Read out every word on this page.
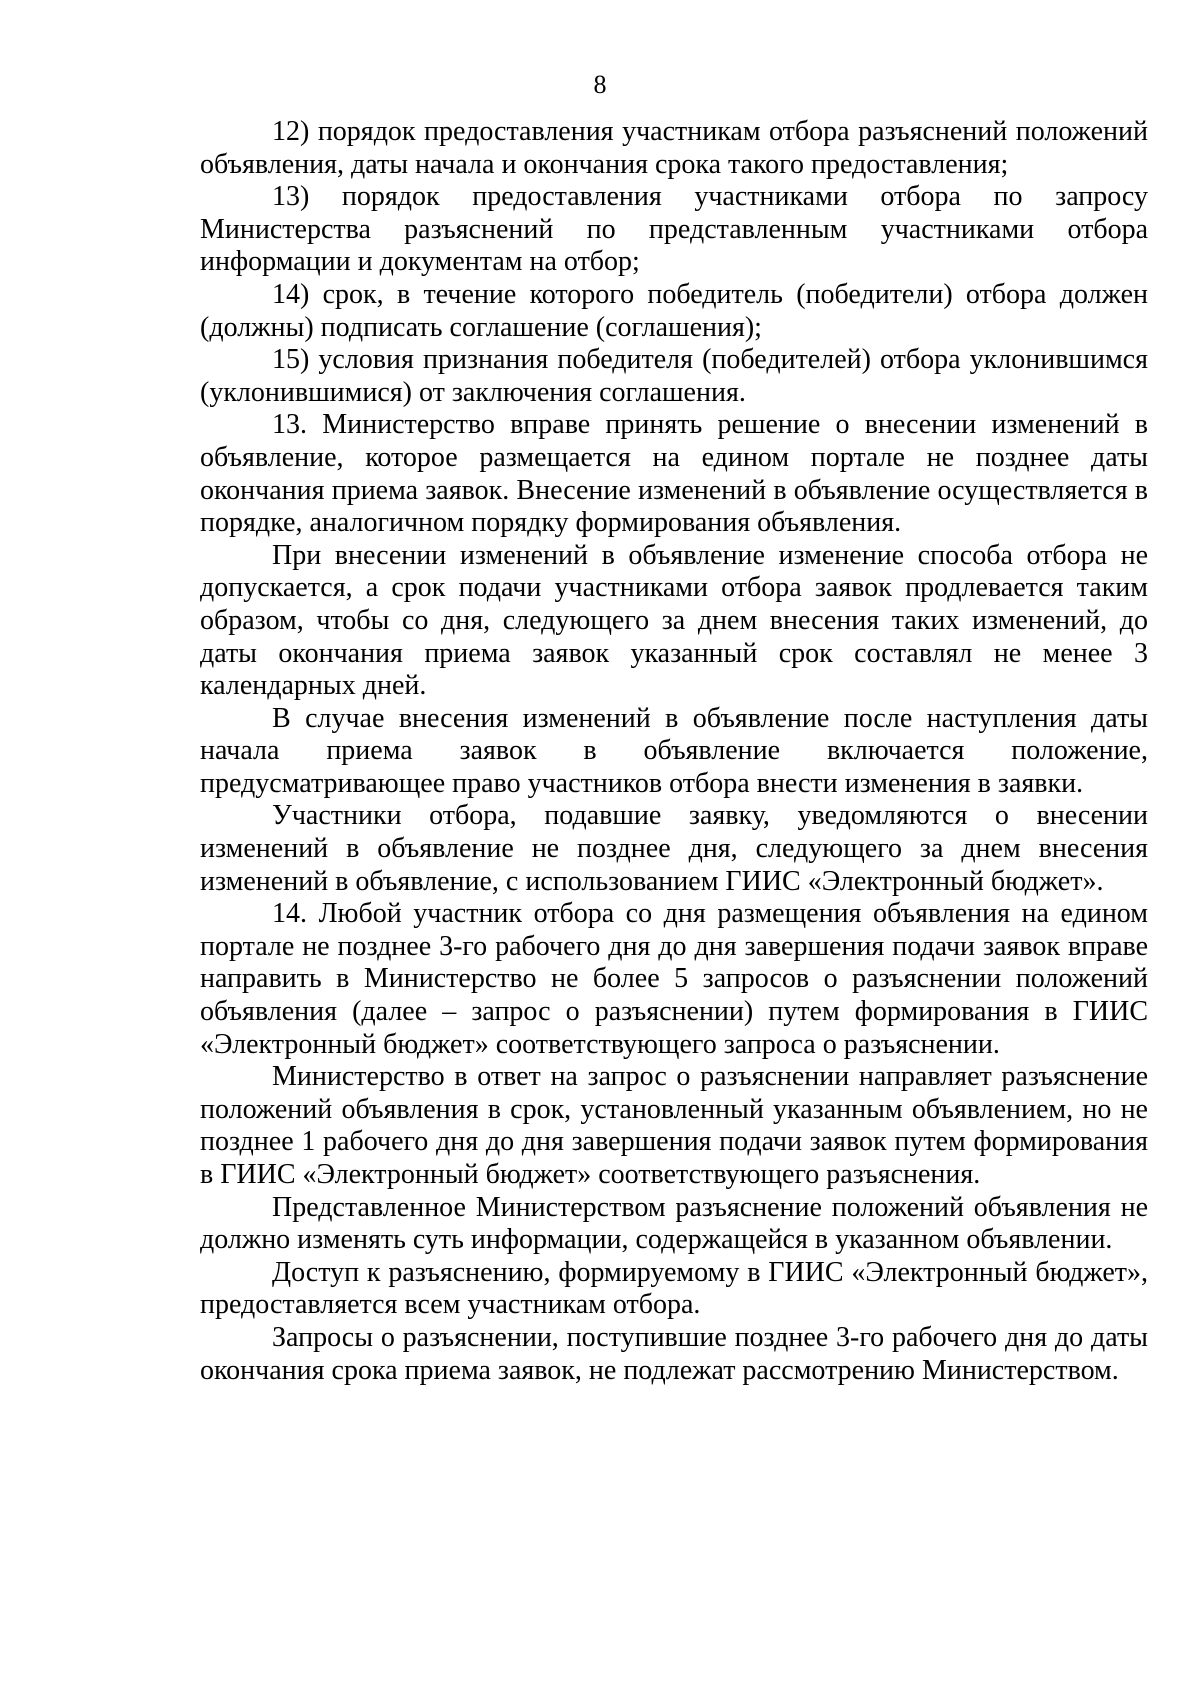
8

12) порядок предоставления участникам отбора разъяснений положений объявления, даты начала и окончания срока такого предоставления;

13) порядок предоставления участниками отбора по запросу Министерства разъяснений по представленным участниками отбора информации и документам на отбор;

14) срок, в течение которого победитель (победители) отбора должен (должны) подписать соглашение (соглашения);

15) условия признания победителя (победителей) отбора уклонившимся (уклонившимися) от заключения соглашения.

13. Министерство вправе принять решение о внесении изменений в объявление, которое размещается на едином портале не позднее даты окончания приема заявок. Внесение изменений в объявление осуществляется в порядке, аналогичном порядку формирования объявления.

При внесении изменений в объявление изменение способа отбора не допускается, а срок подачи участниками отбора заявок продлевается таким образом, чтобы со дня, следующего за днем внесения таких изменений, до даты окончания приема заявок указанный срок составлял не менее 3 календарных дней.

В случае внесения изменений в объявление после наступления даты начала приема заявок в объявление включается положение, предусматривающее право участников отбора внести изменения в заявки.

Участники отбора, подавшие заявку, уведомляются о внесении изменений в объявление не позднее дня, следующего за днем внесения изменений в объявление, с использованием ГИИС «Электронный бюджет».

14. Любой участник отбора со дня размещения объявления на едином портале не позднее 3-го рабочего дня до дня завершения подачи заявок вправе направить в Министерство не более 5 запросов о разъяснении положений объявления (далее – запрос о разъяснении) путем формирования в ГИИС «Электронный бюджет» соответствующего запроса о разъяснении.

Министерство в ответ на запрос о разъяснении направляет разъяснение положений объявления в срок, установленный указанным объявлением, но не позднее 1 рабочего дня до дня завершения подачи заявок путем формирования в ГИИС «Электронный бюджет» соответствующего разъяснения.

Представленное Министерством разъяснение положений объявления не должно изменять суть информации, содержащейся в указанном объявлении.

Доступ к разъяснению, формируемому в ГИИС «Электронный бюджет», предоставляется всем участникам отбора.

Запросы о разъяснении, поступившие позднее 3-го рабочего дня до даты окончания срока приема заявок, не подлежат рассмотрению Министерством.
